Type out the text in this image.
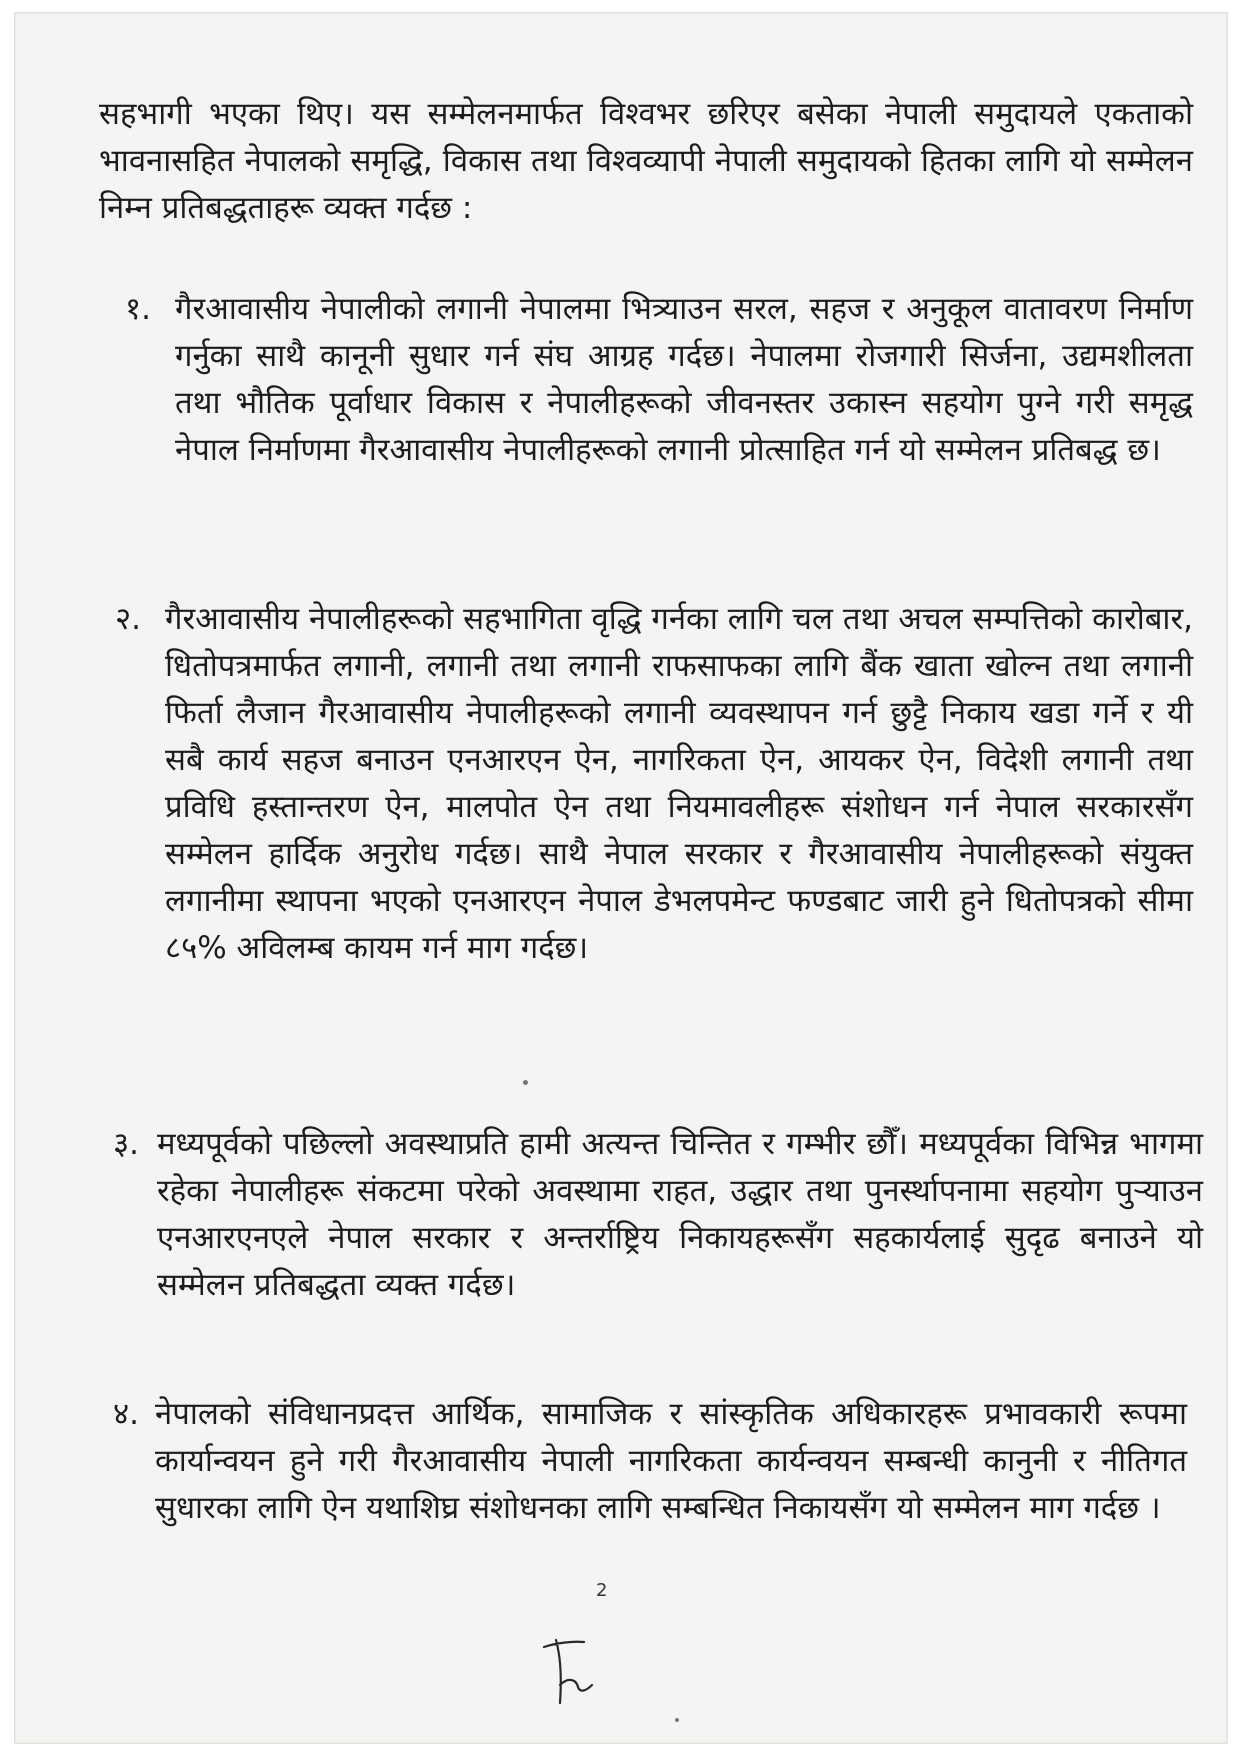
सहभागी भएका थिए। यस सम्मेलनमार्फत विश्वभर छरिएर बसेका नेपाली समुदायले एकताको भावनासहित नेपालको समृद्धि, विकास तथा विश्वव्यापी नेपाली समुदायको हितका लागि यो सम्मेलन निम्न प्रतिबद्धताहरू व्यक्त गर्दछ :
१. गैरआवासीय नेपालीको लगानी नेपालमा भित्र्याउन सरल, सहज र अनुकूल वातावरण निर्माण गर्नुका साथै कानूनी सुधार गर्न संघ आग्रह गर्दछ। नेपालमा रोजगारी सिर्जना, उद्यमशीलता तथा भौतिक पूर्वाधार विकास र नेपालीहरूको जीवनस्तर उकास्न सहयोग पुग्ने गरी समृद्ध नेपाल निर्माणमा गैरआवासीय नेपालीहरूको लगानी प्रोत्साहित गर्न यो सम्मेलन प्रतिबद्ध छ।
२. गैरआवासीय नेपालीहरूको सहभागिता वृद्धि गर्नका लागि चल तथा अचल सम्पत्तिको कारोबार, धितोपत्रमार्फत लगानी, लगानी तथा लगानी राफसाफका लागि बैंक खाता खोल्न तथा लगानी फिर्ता लैजान गैरआवासीय नेपालीहरूको लगानी व्यवस्थापन गर्न छुट्टै निकाय खडा गर्ने र यी सबै कार्य सहज बनाउन एनआरएन ऐन, नागरिकता ऐन, आयकर ऐन, विदेशी लगानी तथा प्रविधि हस्तान्तरण ऐन, मालपोत ऐन तथा नियमावलीहरू संशोधन गर्न नेपाल सरकारसँग सम्मेलन हार्दिक अनुरोध गर्दछ। साथै नेपाल सरकार र गैरआवासीय नेपालीहरूको संयुक्त लगानीमा स्थापना भएको एनआरएन नेपाल डेभलपमेन्ट फण्डबाट जारी हुने धितोपत्रको सीमा ८५% अविलम्ब कायम गर्न माग गर्दछ।
३. मध्यपूर्वको पछिल्लो अवस्थाप्रति हामी अत्यन्त चिन्तित र गम्भीर छौँ। मध्यपूर्वका विभिन्न भागमा रहेका नेपालीहरू संकटमा परेको अवस्थामा राहत, उद्धार तथा पुनर्स्थापनामा सहयोग पुऱ्याउन एनआरएनएले नेपाल सरकार र अन्तर्राष्ट्रिय निकायहरूसँग सहकार्यलाई सुदृढ बनाउने यो सम्मेलन प्रतिबद्धता व्यक्त गर्दछ।
४. नेपालको संविधानप्रदत्त आर्थिक, सामाजिक र सांस्कृतिक अधिकारहरू प्रभावकारी रूपमा कार्यान्वयन हुने गरी गैरआवासीय नेपाली नागरिकता कार्यन्वयन सम्बन्धी कानुनी र नीतिगत सुधारका लागि ऐन यथाशिघ्र संशोधनका लागि सम्बन्धित निकायसँग यो सम्मेलन माग गर्दछ ।
2
